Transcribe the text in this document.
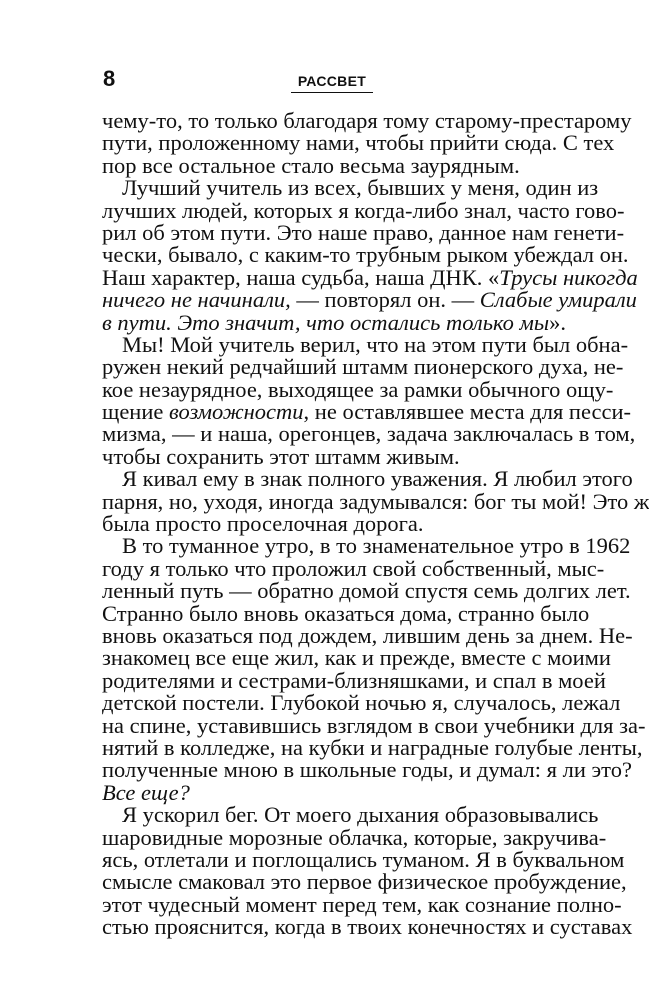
8	РАССВЕТ
чему-то, то только благодаря тому старому-престарому
пути, проложенному нами, чтобы прийти сюда. С тех
пор все остальное стало весьма заурядным.
Лучший учитель из всех, бывших у меня, один из
лучших людей, которых я когда-либо знал, часто гово-
рил об этом пути. Это наше право, данное нам генети-
чески, бывало, с каким-то трубным рыком убеждал он.
Наш характер, наша судьба, наша ДНК. «Трусы никогда
ничего не начинали, — повторял он. — Слабые умирали
в пути. Это значит, что остались только мы».
Мы! Мой учитель верил, что на этом пути был обна-
ружен некий редчайший штамм пионерского духа, не-
кое незаурядное, выходящее за рамки обычного ощу-
щение возможности, не оставлявшее места для песси-
мизма, — и наша, орегонцев, задача заключалась в том,
чтобы сохранить этот штамм живым.
Я кивал ему в знак полного уважения. Я любил этого
парня, но, уходя, иногда задумывался: бог ты мой! Это ж
была просто проселочная дорога.
В то туманное утро, в то знаменательное утро в 1962
году я только что проложил свой собственный, мыс-
ленный путь — обратно домой спустя семь долгих лет.
Странно было вновь оказаться дома, странно было
вновь оказаться под дождем, лившим день за днем. Не-
знакомец все еще жил, как и прежде, вместе с моими
родителями и сестрами-близняшками, и спал в моей
детской постели. Глубокой ночью я, случалось, лежал
на спине, уставившись взглядом в свои учебники для за-
нятий в колледже, на кубки и наградные голубые ленты,
полученные мною в школьные годы, и думал: я ли это?
Все еще?
Я ускорил бег. От моего дыхания образовывались
шаровидные морозные облачка, которые, закручива-
ясь, отлетали и поглощались туманом. Я в буквальном
смысле смаковал это первое физическое пробуждение,
этот чудесный момент перед тем, как сознание полно-
стью прояснится, когда в твоих конечностях и суставах
